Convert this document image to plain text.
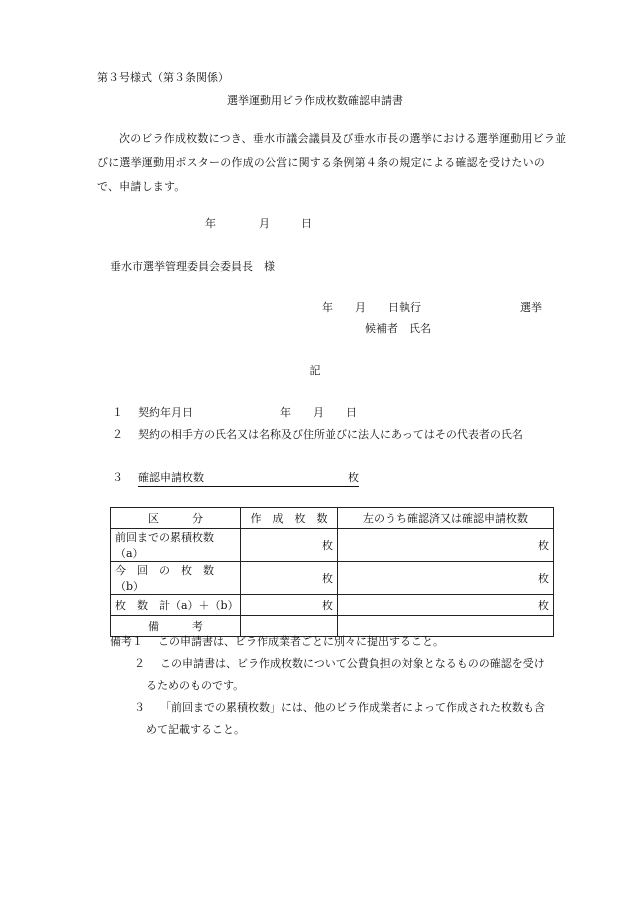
第３号様式（第３条関係）
選挙運動用ビラ作成枚数確認申請書
次のビラ作成枚数につき、垂水市議会議員及び垂水市長の選挙における選挙運動用ビラ並びに選挙運動用ポスターの作成の公営に関する条例第４条の規定による確認を受けたいので、申請します。
年	月	日
垂水市選挙管理委員会委員長　様
年　　月　　日執行	選挙
候補者　氏名
記
１ 契約年月日	年　　月　　日
２ 契約の相手方の氏名又は名称及び住所並びに法人にあってはその代表者の氏名
３ 確認申請枚数	枚
区　　　分	作　成　枚　数	左のうち確認済又は確認申請枚数
前回までの累積枚数（a）	枚	枚
今　回　の　枚　数（b）	枚	枚
枚　数　計（a）＋（b）	枚	枚
備　　　考		
備考１ この申請書は、ビラ作成業者ごとに別々に提出すること。
２ この申請書は、ビラ作成枚数について公費負担の対象となるものの確認を受け
るためのものです。
３ 「前回までの累積枚数」には、他のビラ作成業者によって作成された枚数も含
めて記載すること。
